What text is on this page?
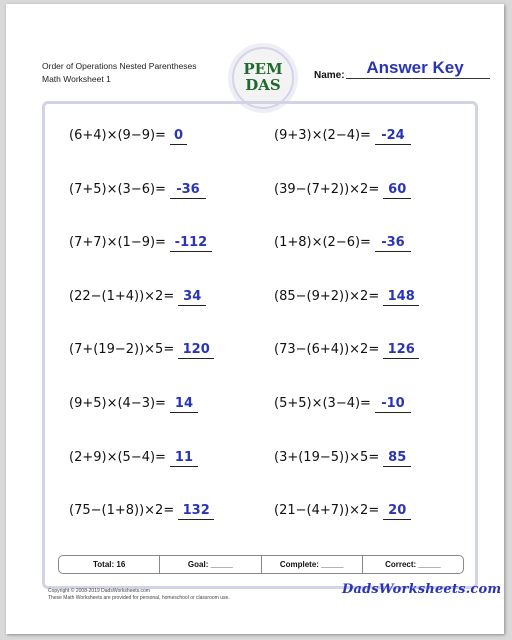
Order of Operations Nested Parentheses
Math Worksheet 1
PEM
DAS
Name:	Answer Key
(6+4)×(9−9)= 0	(9+3)×(2−4)= -24
(7+5)×(3−6)= -36	(39−(7+2))×2= 60
(7+7)×(1−9)= -112	(1+8)×(2−6)= -36
(22−(1+4))×2= 34	(85−(9+2))×2= 148
(7+(19−2))×5= 120	(73−(6+4))×2= 126
(9+5)×(4−3)= 14	(5+5)×(3−4)= -10
(2+9)×(5−4)= 11	(3+(19−5))×5= 85
(75−(1+8))×2= 132	(21−(4+7))×2= 20
Total: 16	Goal: _____	Complete: _____	Correct: _____
Copyright © 2008-2019 DadsWorksheets.com
These Math Worksheets are provided for personal, homeschool or classroom use.
DadsWorksheets.com
